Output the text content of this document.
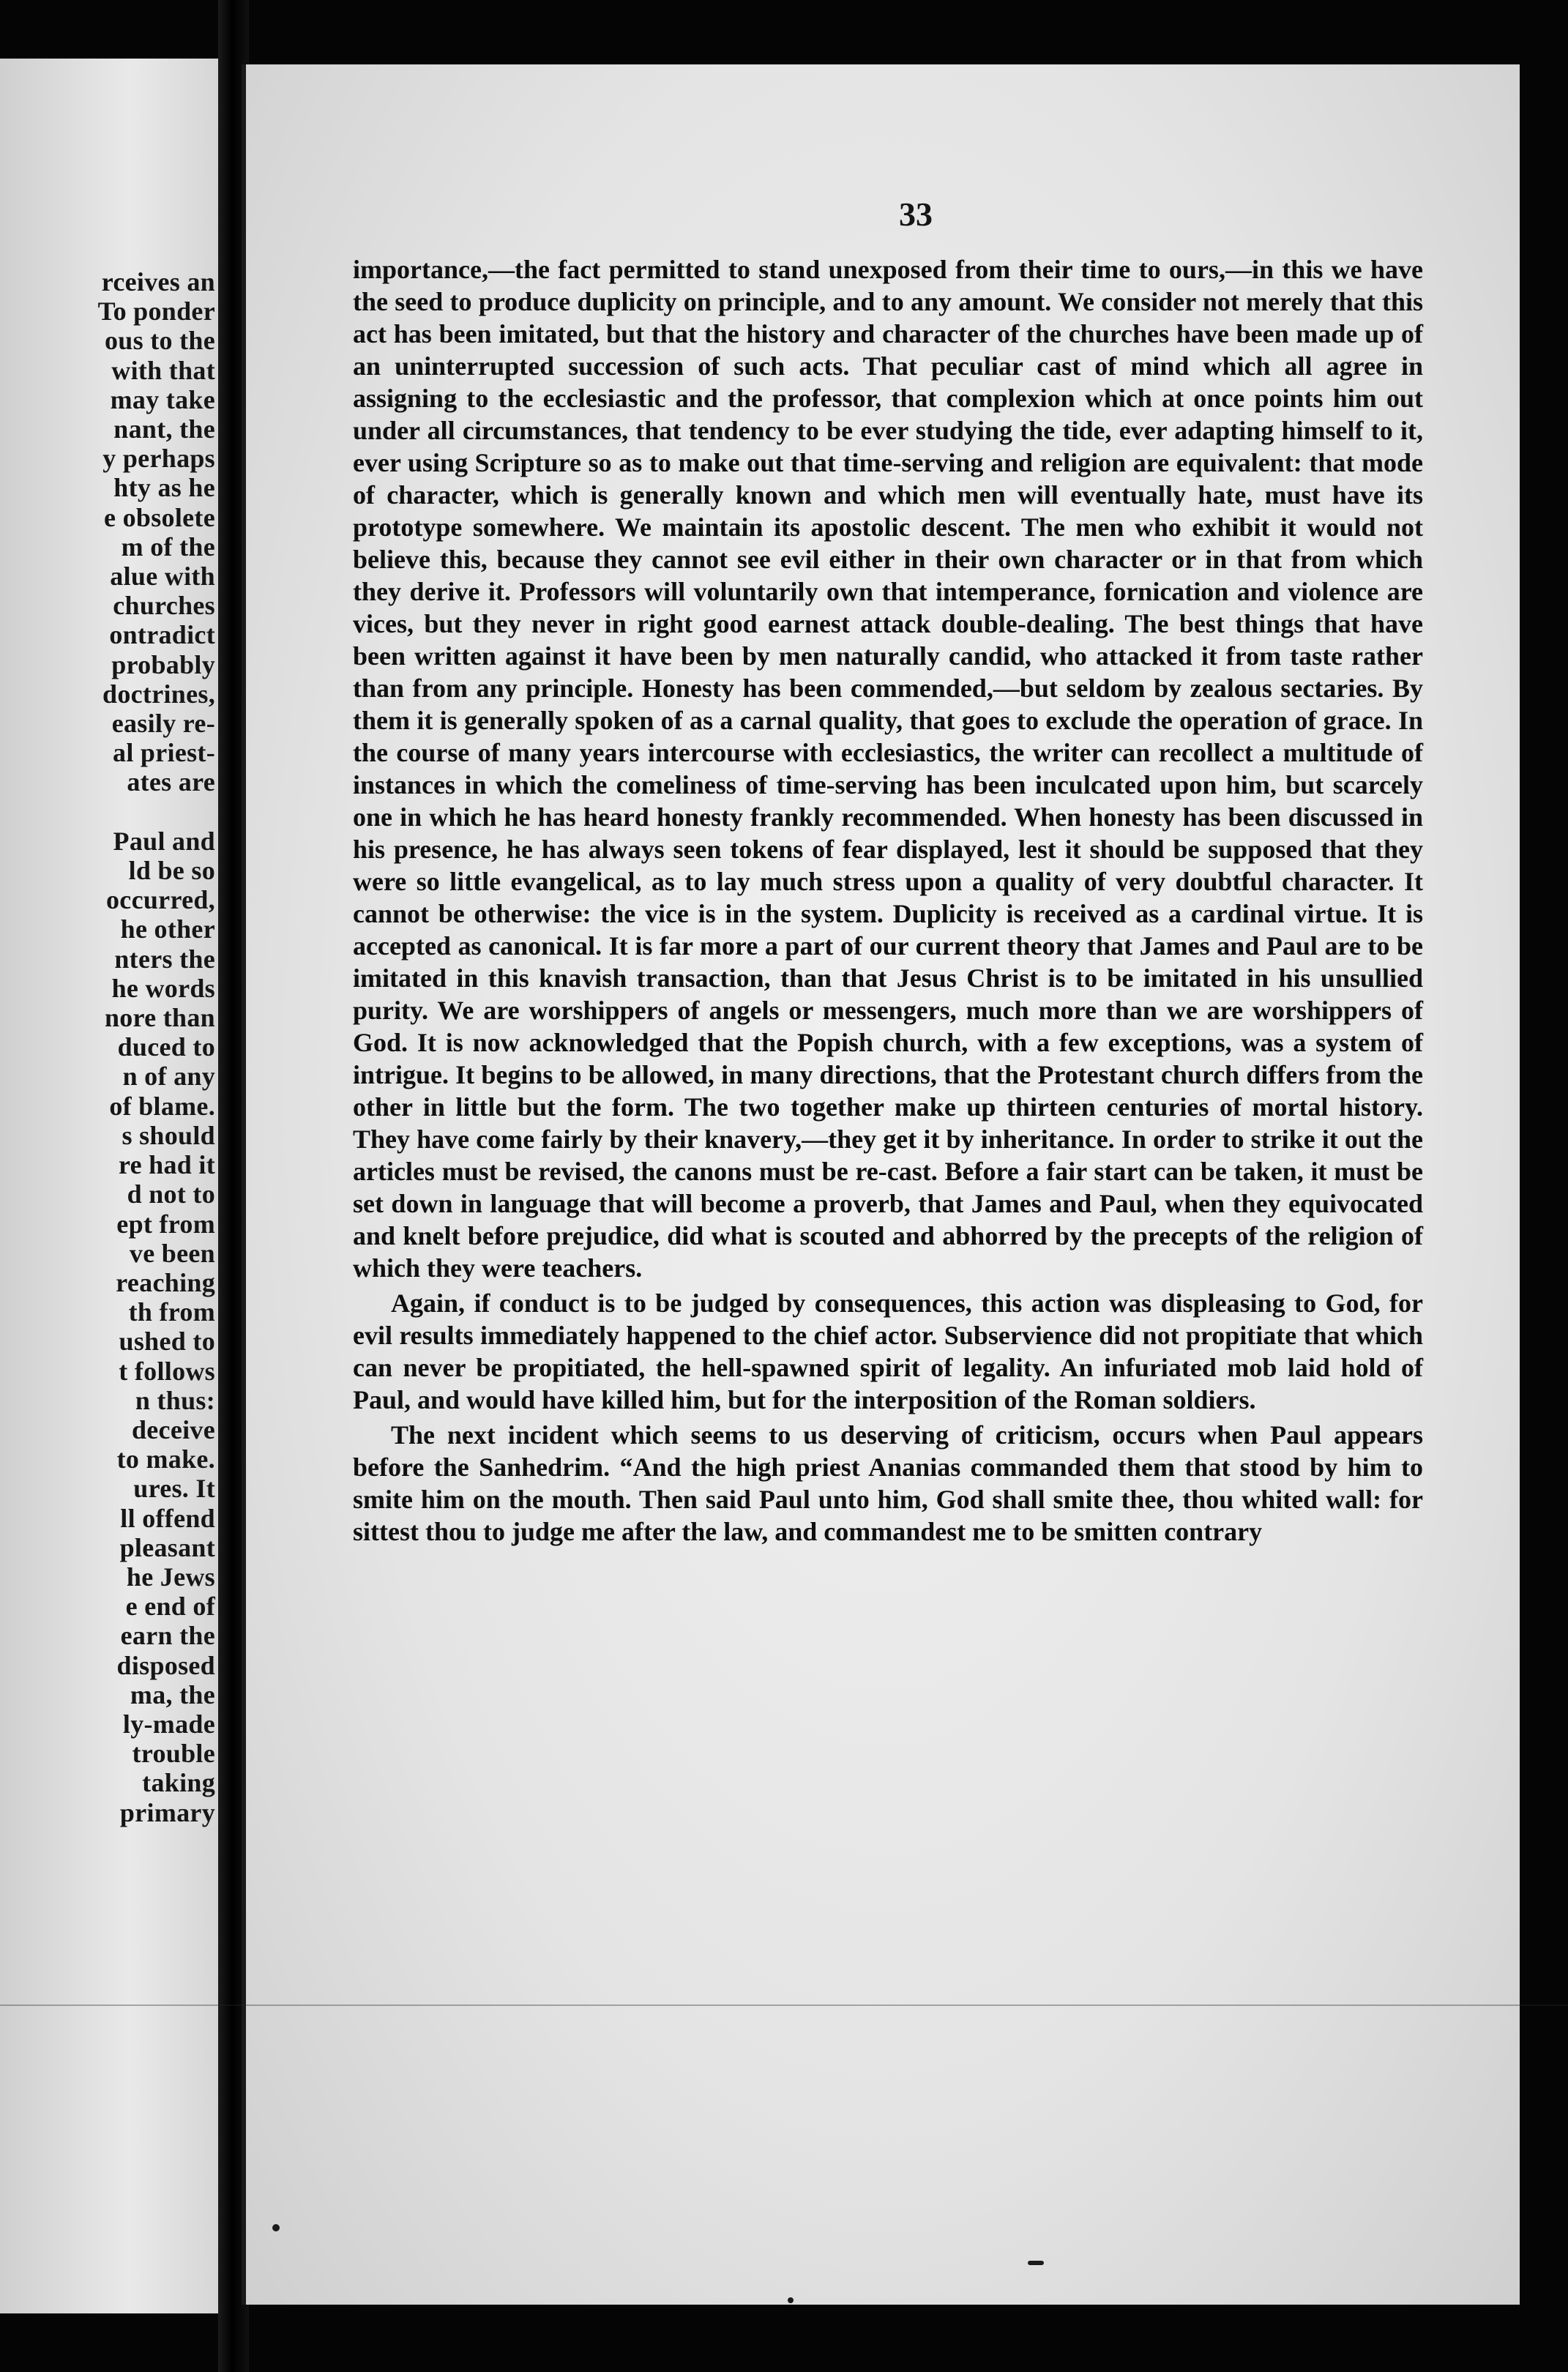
rceives an
To ponder
ous to the
with that
may take
nant, the
y perhaps
hty as he
e obsolete
m of the
alue with
churches
ontradict
probably
doctrines,
easily re-
al priest-
ates are

Paul and
ld be so
occurred,
he other
nters the
he words
nore than
duced to
n of any
of blame.
s should
re had it
d not to
ept from
ve been
reaching
th from
ushed to
t follows
n thus:
deceive
to make.
ures. It
ll offend
pleasant
he Jews
e end of
earn the
disposed
ma, the
ly-made
trouble
taking
primary
33

importance,—the fact permitted to stand unexposed from their time to ours,—in this we have the seed to produce duplicity on principle, and to any amount. We consider not merely that this act has been imitated, but that the history and character of the churches have been made up of an uninterrupted succession of such acts. That peculiar cast of mind which all agree in assigning to the ecclesiastic and the professor, that complexion which at once points him out under all circumstances, that tendency to be ever studying the tide, ever adapting himself to it, ever using Scripture so as to make out that time-serving and religion are equivalent: that mode of character, which is generally known and which men will eventually hate, must have its prototype somewhere. We maintain its apostolic descent. The men who exhibit it would not believe this, because they cannot see evil either in their own character or in that from which they derive it. Professors will voluntarily own that intemperance, fornication and violence are vices, but they never in right good earnest attack double-dealing. The best things that have been written against it have been by men naturally candid, who attacked it from taste rather than from any principle. Honesty has been commended,—but seldom by zealous sectaries. By them it is generally spoken of as a carnal quality, that goes to exclude the operation of grace. In the course of many years intercourse with ecclesiastics, the writer can recollect a multitude of instances in which the comeliness of time-serving has been inculcated upon him, but scarcely one in which he has heard honesty frankly recommended. When honesty has been discussed in his presence, he has always seen tokens of fear displayed, lest it should be supposed that they were so little evangelical, as to lay much stress upon a quality of very doubtful character. It cannot be otherwise: the vice is in the system. Duplicity is received as a cardinal virtue. It is accepted as canonical. It is far more a part of our current theory that James and Paul are to be imitated in this knavish transaction, than that Jesus Christ is to be imitated in his unsullied purity. We are worshippers of angels or messengers, much more than we are worshippers of God. It is now acknowledged that the Popish church, with a few exceptions, was a system of intrigue. It begins to be allowed, in many directions, that the Protestant church differs from the other in little but the form. The two together make up thirteen centuries of mortal history. They have come fairly by their knavery,—they get it by inheritance. In order to strike it out the articles must be revised, the canons must be re-cast. Before a fair start can be taken, it must be set down in language that will become a proverb, that James and Paul, when they equivocated and knelt before prejudice, did what is scouted and abhorred by the precepts of the religion of which they were teachers.

Again, if conduct is to be judged by consequences, this action was displeasing to God, for evil results immediately happened to the chief actor. Subservience did not propitiate that which can never be propitiated, the hell-spawned spirit of legality. An infuriated mob laid hold of Paul, and would have killed him, but for the interposition of the Roman soldiers.

The next incident which seems to us deserving of criticism, occurs when Paul appears before the Sanhedrim. “And the high priest Ananias commanded them that stood by him to smite him on the mouth. Then said Paul unto him, God shall smite thee, thou whited wall: for sittest thou to judge me after the law, and commandest me to be smitten contrary
